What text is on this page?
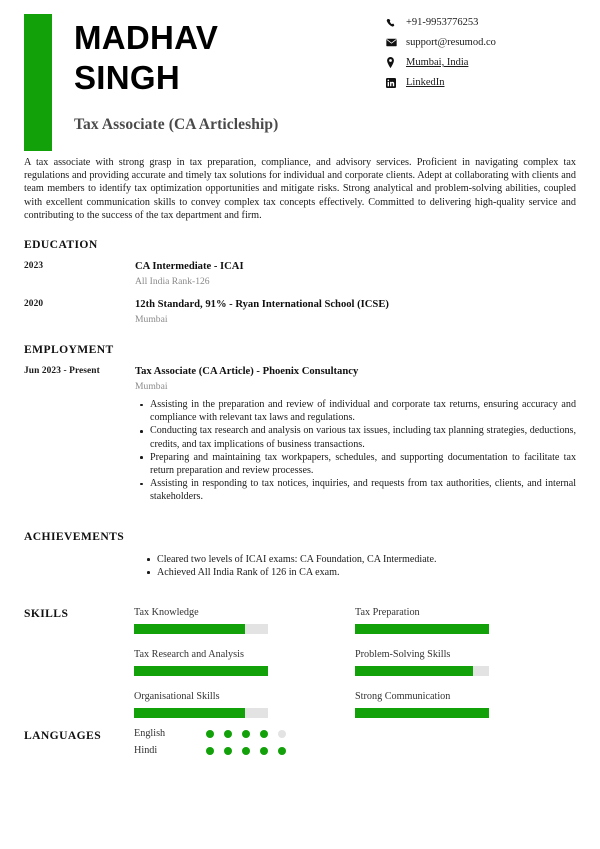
MADHAV
SINGH
Tax Associate (CA Articleship)
+91-9953776253
support@resumod.co
Mumbai, India
LinkedIn
A tax associate with strong grasp in tax preparation, compliance, and advisory services. Proficient in navigating complex tax regulations and providing accurate and timely tax solutions for individual and corporate clients. Adept at collaborating with clients and team members to identify tax optimization opportunities and mitigate risks. Strong analytical and problem-solving abilities, coupled with excellent communication skills to convey complex tax concepts effectively. Committed to delivering high-quality service and contributing to the success of the tax department and firm.
EDUCATION
2023	CA Intermediate - ICAI
All India Rank-126
2020	12th Standard, 91% - Ryan International School (ICSE)
Mumbai
EMPLOYMENT
Jun 2023 - Present	Tax Associate (CA Article) - Phoenix Consultancy
Mumbai
Assisting in the preparation and review of individual and corporate tax returns, ensuring accuracy and compliance with relevant tax laws and regulations.
Conducting tax research and analysis on various tax issues, including tax planning strategies, deductions, credits, and tax implications of business transactions.
Preparing and maintaining tax workpapers, schedules, and supporting documentation to facilitate tax return preparation and review processes.
Assisting in responding to tax notices, inquiries, and requests from tax authorities, clients, and internal stakeholders.
ACHIEVEMENTS
Cleared two levels of ICAI exams: CA Foundation, CA Intermediate.
Achieved All India Rank of 126 in CA exam.
SKILLS	Tax Knowledge	Tax Preparation
Tax Research and Analysis	Problem-Solving Skills
Organisational Skills	Strong Communication
LANGUAGES	English
Hindi
